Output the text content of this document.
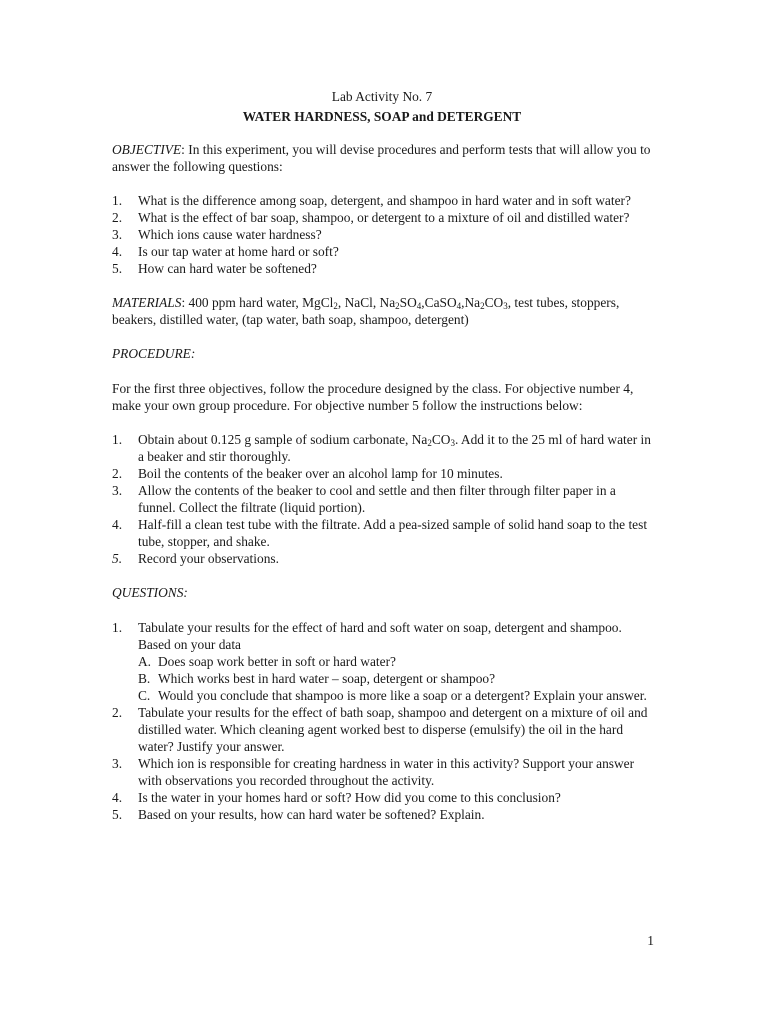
Lab Activity No. 7

WATER HARDNESS, SOAP and DETERGENT

OBJECTIVE: In this experiment, you will devise procedures and perform tests that will allow you to answer the following questions:

1. What is the difference among soap, detergent, and shampoo in hard water and in soft water?
2. What is the effect of bar soap, shampoo, or detergent to a mixture of oil and distilled water?
3. Which ions cause water hardness?
4. Is our tap water at home hard or soft?
5. How can hard water be softened?

MATERIALS: 400 ppm hard water, MgCl$_2$, NaCl, $Na_2SO_4,CaSO_4,Na_2CO_3$, test tubes, stoppers, beakers, distilled water, (tap water, bath soap, shampoo, detergent)

PROCEDURE:

For the first three objectives, follow the procedure designed by the class. For objective number 4, make your own group procedure. For objective number 5 follow the instructions below:

1. Obtain about 0.125 g sample of sodium carbonate, $Na_2CO_3$. Add it to the 25 ml of hard water in a beaker and stir thoroughly.
2. Boil the contents of the beaker over an alcohol lamp for 10 minutes.
3. Allow the contents of the beaker to cool and settle and then filter through filter paper in a funnel. Collect the filtrate (liquid portion).
4. Half-fill a clean test tube with the filtrate. Add a pea-sized sample of solid hand soap to the test tube, stopper, and shake.
5. Record your observations.

QUESTIONS:

1. Tabulate your results for the effect of hard and soft water on soap, detergent and shampoo. Based on your data
A. Does soap work better in soft or hard water?
B. Which works best in hard water – soap, detergent or shampoo?
C. Would you conclude that shampoo is more like a soap or a detergent? Explain your answer.
2. Tabulate your results for the effect of bath soap, shampoo and detergent on a mixture of oil and distilled water. Which cleaning agent worked best to disperse (emulsify) the oil in the hard water? Justify your answer.
3. Which ion is responsible for creating hardness in water in this activity? Support your answer with observations you recorded throughout the activity.
4. Is the water in your homes hard or soft? How did you come to this conclusion?
5. Based on your results, how can hard water be softened? Explain.
1
